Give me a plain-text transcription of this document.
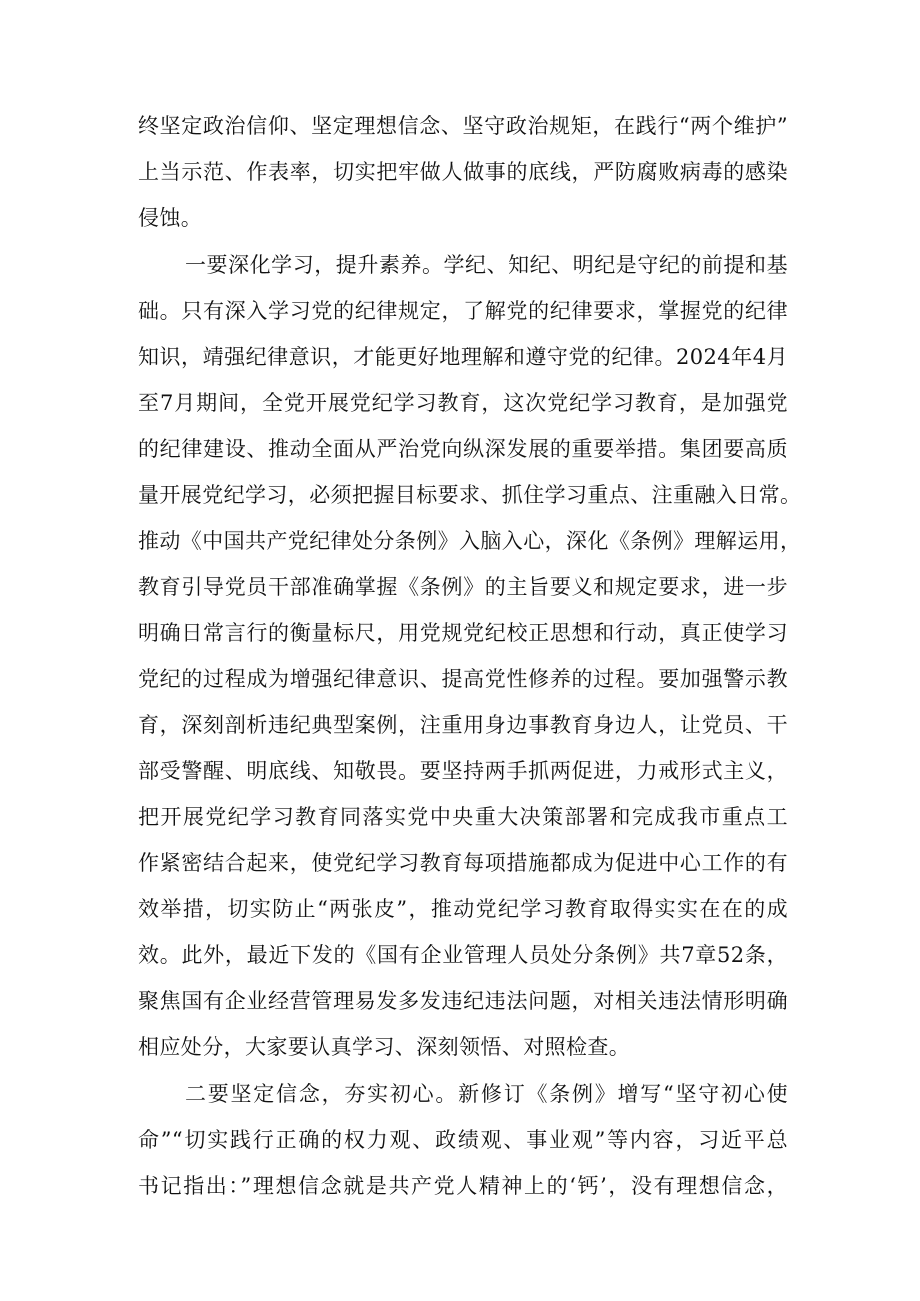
终坚定政治信仰、坚定理想信念、坚守政治规矩，在践行“两个维护”

上当示范、作表率，切实把牢做人做事的底线，严防腐败病毒的感染

侵蚀。

一要深化学习，提升素养。学纪、知纪、明纪是守纪的前提和基

础。只有深入学习党的纪律规定，了解党的纪律要求，掌握党的纪律

知识，靖强纪律意识，才能更好地理解和遵守党的纪律。2024年4月

至7月期间，全党开展党纪学习教育，这次党纪学习教育，是加强党

的纪律建设、推动全面从严治党向纵深发展的重要举措。集团要高质

量开展党纪学习，必须把握目标要求、抓住学习重点、注重融入日常。

推动《中国共产党纪律处分条例》入脑入心，深化《条例》理解运用，

教育引导党员干部准确掌握《条例》的主旨要义和规定要求，进一步

明确日常言行的衡量标尺，用党规党纪校正思想和行动，真正使学习

党纪的过程成为增强纪律意识、提高党性修养的过程。要加强警示教

育，深刻剖析违纪典型案例，注重用身边事教育身边人，让党员、干

部受警醒、明底线、知敬畏。要坚持两手抓两促进，力戒形式主义，

把开展党纪学习教育同落实党中央重大决策部署和完成我市重点工

作紧密结合起来，使党纪学习教育每项措施都成为促进中心工作的有

效举措，切实防止“两张皮”，推动党纪学习教育取得实实在在的成

效。此外，最近下发的《国有企业管理人员处分条例》共7章52条，

聚焦国有企业经营管理易发多发违纪违法问题，对相关违法情形明确

相应处分，大家要认真学习、深刻领悟、对照检查。

二要坚定信念，夯实初心。新修订《条例》增写“坚守初心使

命”“切实践行正确的权力观、政绩观、事业观”等内容，习近平总

书记指出：”理想信念就是共产党人精神上的‘钙’，没有理想信念，
